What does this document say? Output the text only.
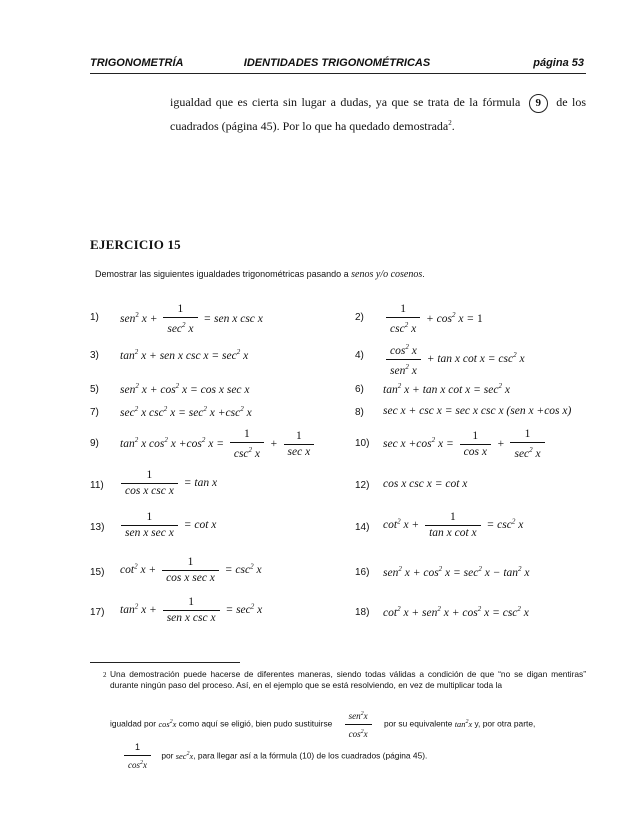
TRIGONOMETRÍA	IDENTIDADES TRIGONOMÉTRICAS	página 53
igualdad que es cierta sin lugar a dudas, ya que se trata de la fórmula 9 de los cuadrados (página 45). Por lo que ha quedado demostrada$^2$.
EJERCICIO 15
Demostrar las siguientes igualdades trigonométricas pasando a senos y/o cosenos.
1) sen$^2$ $x + \frac{1}{\sec^2 x}$ = sen x csc x	$2) \frac{1}{\csc^2 x} + \cos^2 x = 1$
3) $\tan^2 x$ + sen x $\csc x = \sec^2 x$	$4) \frac{\cos^2 x}{sen^2 x} + \tan x$ $\cot x = \csc^2 x$
5) sen$^2$ $x + \cos^2 x = \cos x$ sec x	6) $\tan^2 x + \tan x$ $\cot x = \sec^2 x$
7) $\sec^2 x$ $\csc^2 x = \sec^2 x +\csc^2$ x	8) sec x + csc x = sec x csc x (sen x +cos x)
9) $\tan^2 x$ $\cos^2 x +\cos^2$ $x = \frac{1}{\csc^2 x} + \frac{1}{\text{sec x}}$	10) $\sec x +\cos^2$ $x = \frac{1}{\text{cos x}} + \frac{1}{\sec^2 x}$
$11) \frac{1}{\text{cos x csc x}} = \tan x$	12) cos x csc x = cot x
$13) \frac{1}{\text{sen x sec x}} = \cot x$	14) $\cot^2 x + \frac{1}{\text{tan x cot x}} = \csc^2 x$
15) $\cot^2 x + \frac{1}{\text{cos x sec x}} = \csc^2 x$	16) sen$^2$ $x + \cos^2 x = \sec^2 x - \tan^2 x$
17) $\tan^2 x + \frac{1}{\text{sen x csc x}} = \sec^2 x$	18) $\cot^2 x + sen^2$ $x + \cos^2 x = \csc^2 x$
2 Una demostración puede hacerse de diferentes maneras, siendo todas válidas a condición de que “no se digan mentiras” durante ningún paso del proceso. Así, en el ejemplo que se está resolviendo, en vez de multiplicar toda la
igualdad por $\cos^2x$ como aquí se eligió, bien pudo sustituirse $\frac{sen^2x}{\cos^2x}$ por su equivalente $\tan^2x$ y, por otra parte,
$\frac{1}{\cos^2x}$ por $\sec^2x$, para llegar así a la fórmula (10) de los cuadrados (página 45).
